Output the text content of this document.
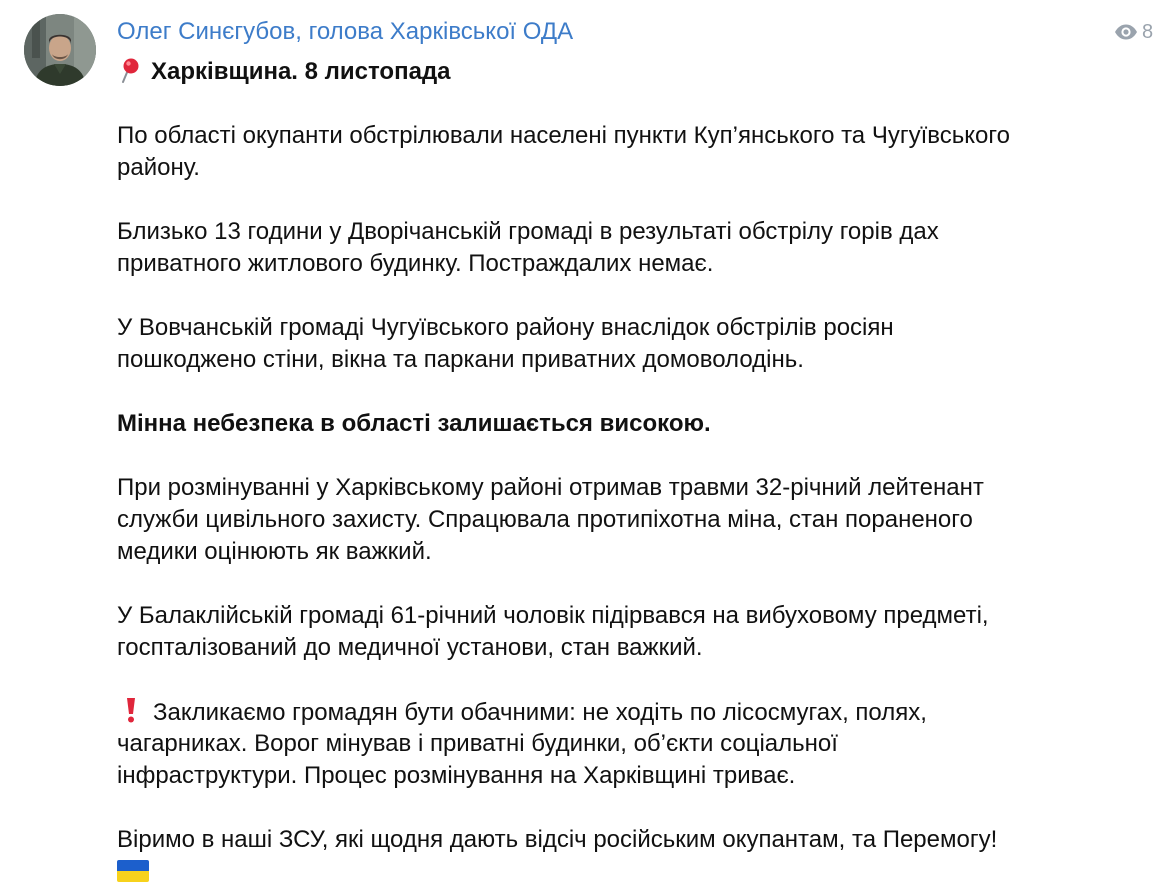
Олег Синєгубов, голова Харківської ОДА	8
Харківщина. 8 листопада
По області окупанти обстрілювали населені пункти Куп’янського та Чугуївського
району.
Близько 13 години у Дворічанській громаді в результаті обстрілу горів дах
приватного житлового будинку. Постраждалих немає.
У Вовчанській громаді Чугуївського району внаслідок обстрілів росіян
пошкоджено стіни, вікна та паркани приватних домоволодінь.
Мінна небезпека в області залишається високою.
При розмінуванні у Харківському районі отримав травми 32-річний лейтенант
служби цивільного захисту. Спрацювала протипіхотна міна, стан пораненого
медики оцінюють як важкий.
У Балаклійській громаді 61-річний чоловік підірвався на вибуховому предметі,
госпталізований до медичної установи, стан важкий.
Закликаємо громадян бути обачними: не ходіть по лісосмугах, полях,
чагарниках. Ворог мінував і приватні будинки, об’єкти соціальної
інфраструктури. Процес розмінування на Харківщині триває.
Віримо в наші ЗСУ, які щодня дають відсіч російським окупантам, та Перемогу!
